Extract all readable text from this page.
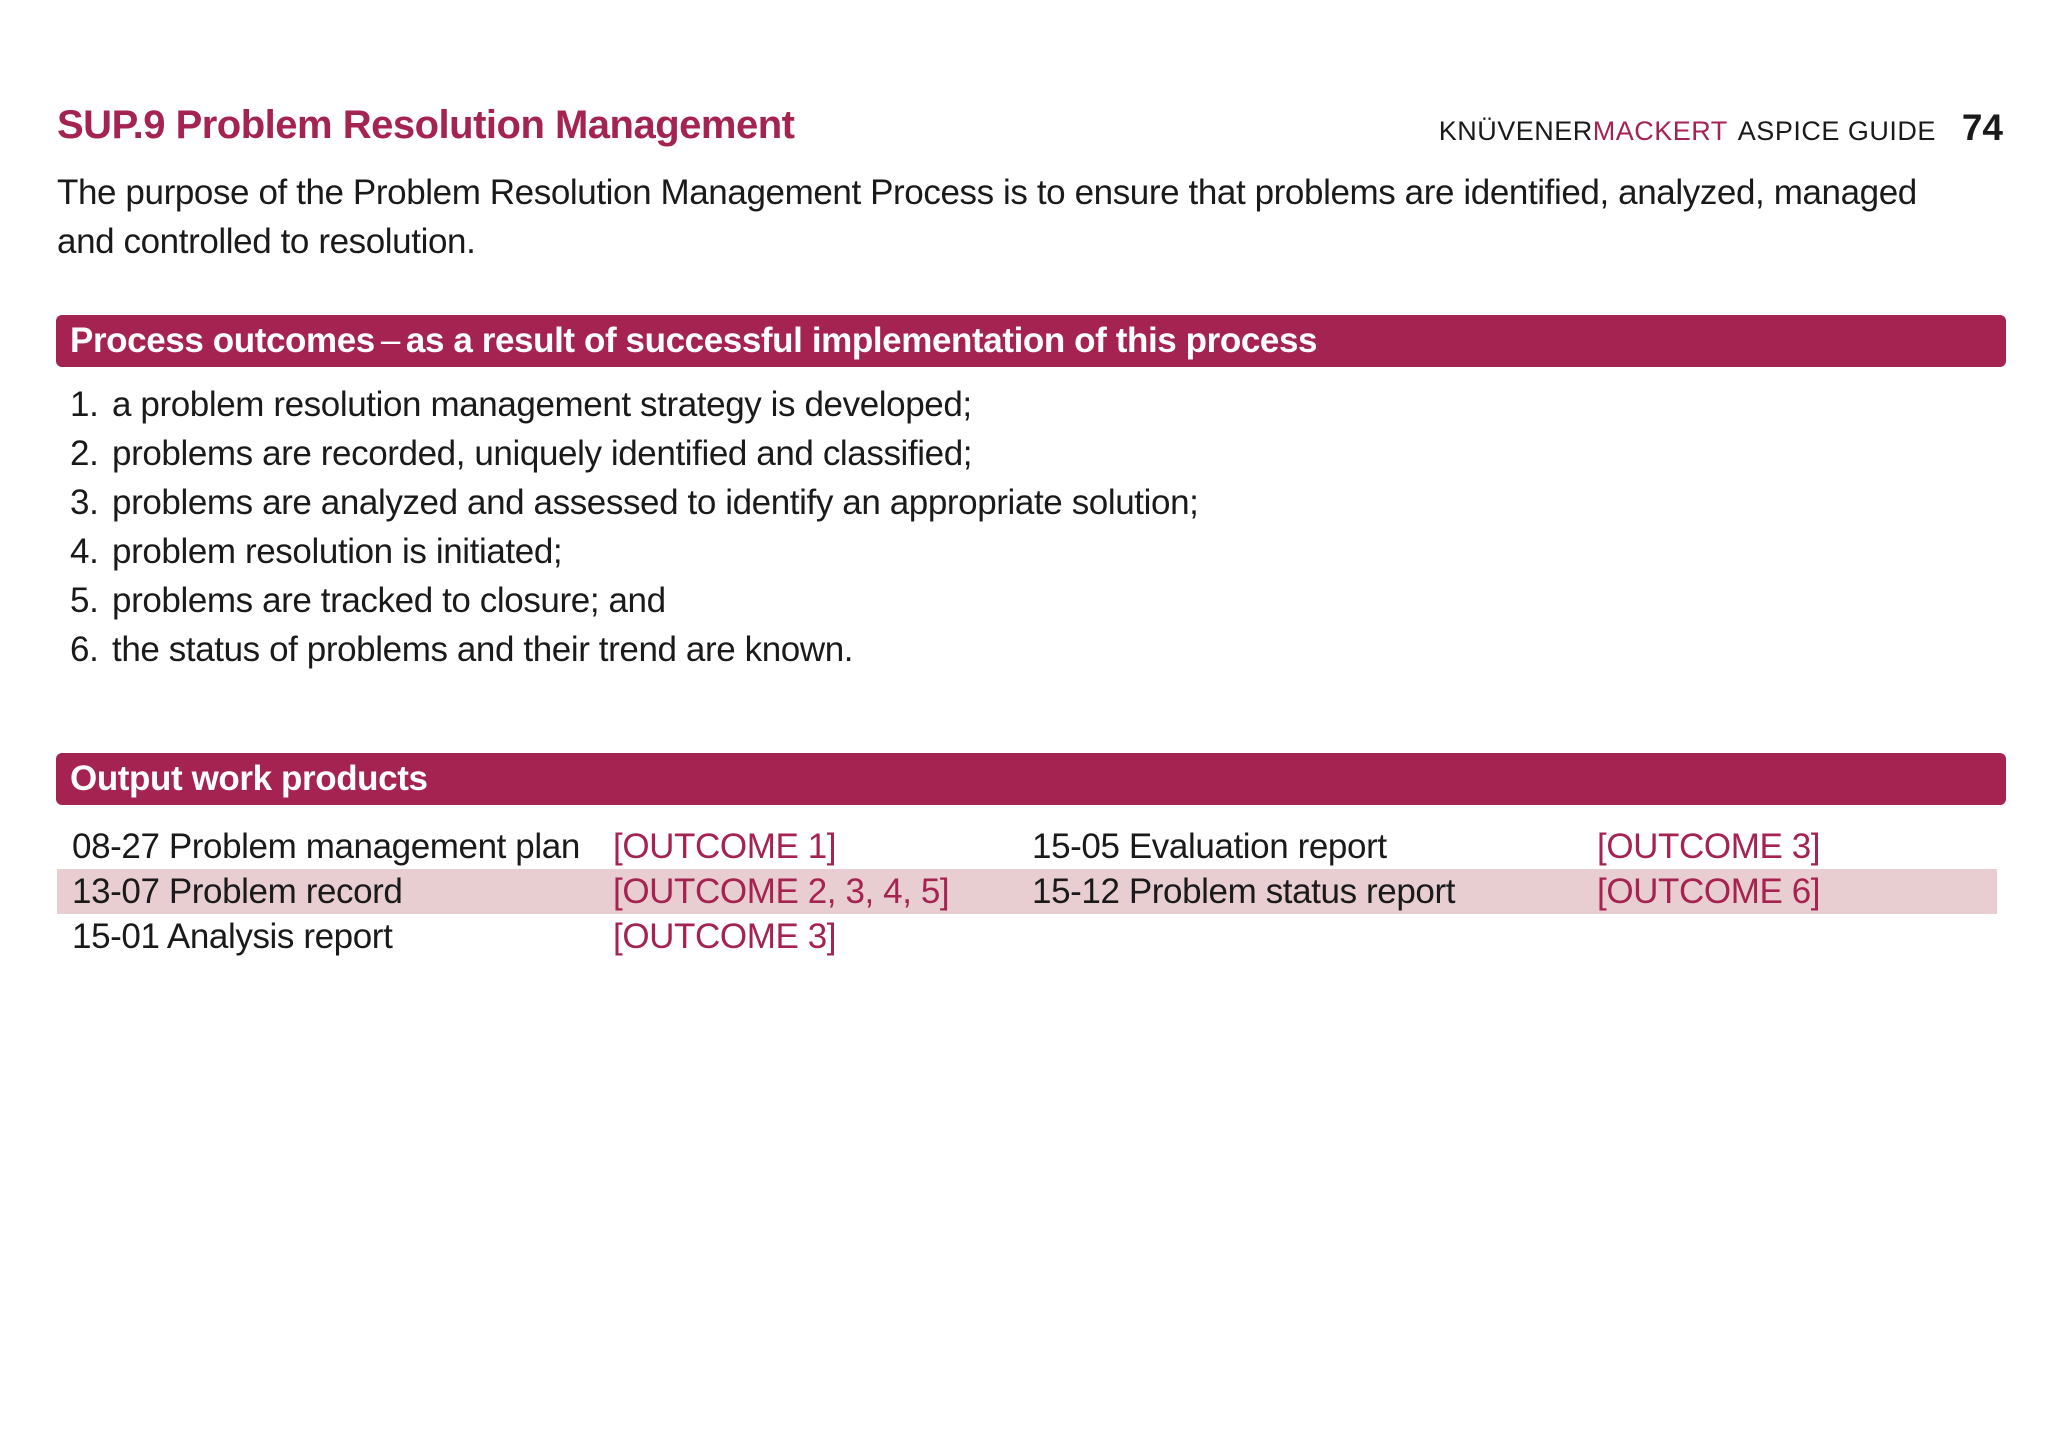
SUP.9 Problem Resolution Management	KNÜVENERMACKERT ASPICE GUIDE 74

The purpose of the Problem Resolution Management Process is to ensure that problems are identified, analyzed, managed and controlled to resolution.

Process outcomes – as a result of successful implementation of this process
1. a problem resolution management strategy is developed;
2. problems are recorded, uniquely identified and classified;
3. problems are analyzed and assessed to identify an appropriate solution;
4. problem resolution is initiated;
5. problems are tracked to closure; and
6. the status of problems and their trend are known.
Output work products
08-27 Problem management plan [OUTCOME 1]	15-05 Evaluation report	[OUTCOME 3]
13-07 Problem record	[OUTCOME 2, 3, 4, 5]	15-12 Problem status report	[OUTCOME 6]
15-01 Analysis report	[OUTCOME 3]
